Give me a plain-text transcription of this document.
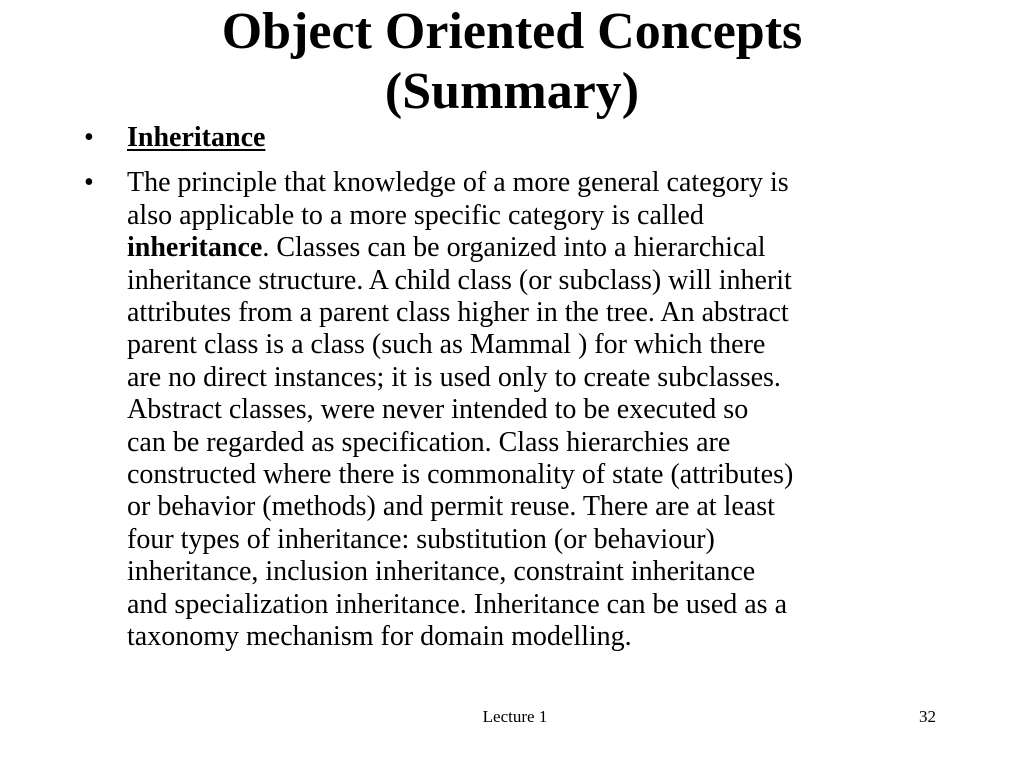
Object Oriented Concepts
(Summary)
•	Inheritance
•	The principle that knowledge of a more general category is
also applicable to a more specific category is called
inheritance. Classes can be organized into a hierarchical
inheritance structure. A child class (or subclass) will inherit
attributes from a parent class higher in the tree. An abstract
parent class is a class (such as Mammal ) for which there
are no direct instances; it is used only to create subclasses.
Abstract classes, were never intended to be executed so
can be regarded as specification. Class hierarchies are
constructed where there is commonality of state (attributes)
or behavior (methods) and permit reuse. There are at least
four types of inheritance: substitution (or behaviour)
inheritance, inclusion inheritance, constraint inheritance
and specialization inheritance. Inheritance can be used as a
taxonomy mechanism for domain modelling.
Lecture 1	32
